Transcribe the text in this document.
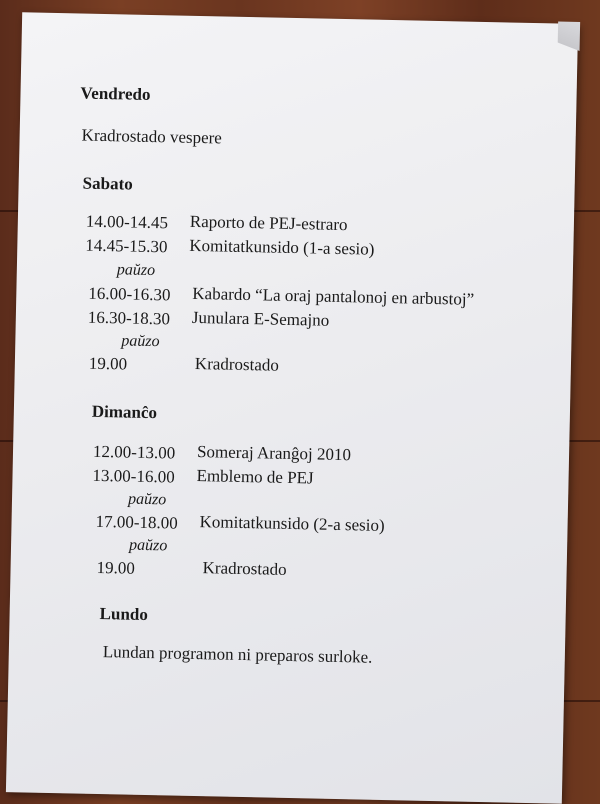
Vendredo
Kradrostado vespere
Sabato
14.00-14.45 Raporto de PEJ-estraro
14.45-15.30 Komitatkunsido (1-a sesio)
paŭzo
16.00-16.30 Kabardo “La oraj pantalonoj en arbustoj”
16.30-18.30 Junulara E-Semajno
paŭzo
19.00	Kradrostado
Dimanĉo
12.00-13.00 Someraj Aranĝoj 2010
13.00-16.00 Emblemo de PEJ
paŭzo
17.00-18.00 Komitatkunsido (2-a sesio)
paŭzo
19.00	Kradrostado
Lundo
Lundan programon ni preparos surloke.
